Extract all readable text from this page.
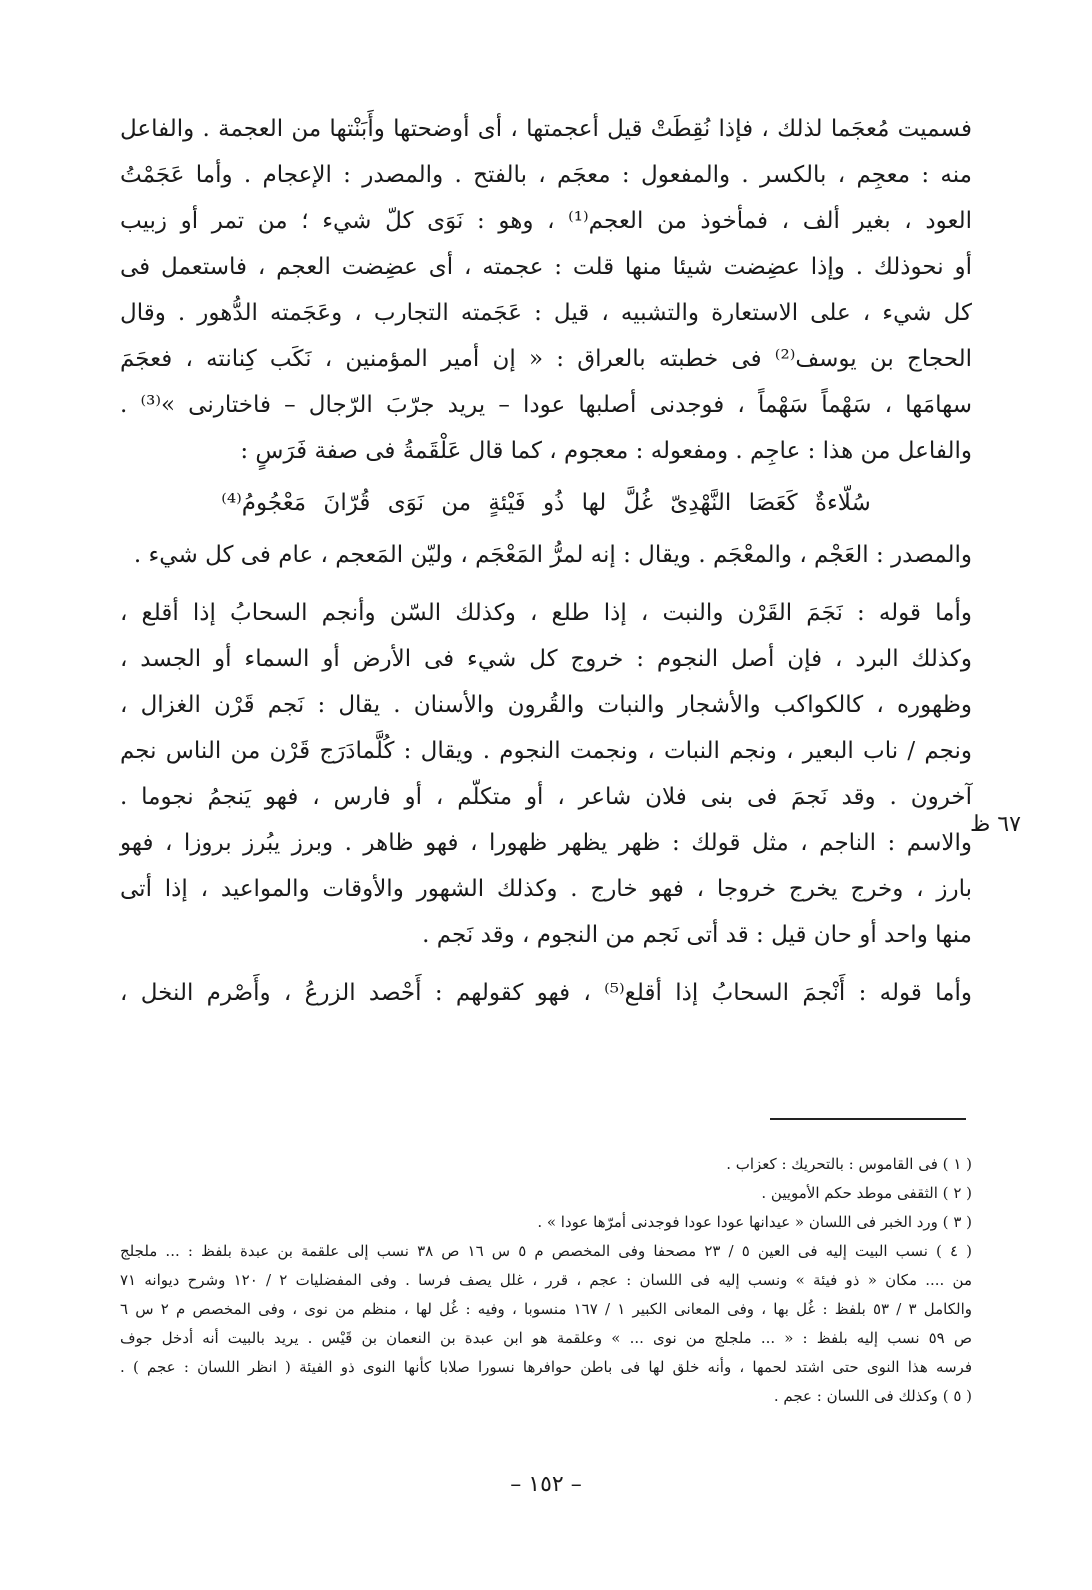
فسميت مُعجَما لذلك ، فإذا نُقِطَتْ قيل أعجمتها ، أى أوضحتها وأَبَنْتها من العجمة . والفاعل
منه : معجِم ، بالكسر . والمفعول : معجَم ، بالفتح . والمصدر : الإعجام . وأما عَجَمْتُ
العود ، بغير ألف ، فمأخوذ من العجم⁽¹⁾ ، وهو : نَوَى كلّ شيء ؛ من تمر أو زبيب
أو نحوذلك . وإذا عضِضت شيئا منها قلت : عجمته ، أى عضِضت العجم ، فاستعمل فى
كل شيء ، على الاستعارة والتشبيه ، قيل : عَجَمته التجارب ، وعَجَمته الدُّهور . وقال
الحجاج بن يوسف⁽²⁾ فى خطبته بالعراق : « إن أمير المؤمنين ، نَكَب كِنانته ، فعجَمَ
سهامَها ، سَهْماً سَهْماً ، فوجدنى أصلبها عودا – يريد جرّبَ الرّجال – فاختارنى »⁽³⁾ .
والفاعل من هذا : عاجِم . ومفعوله : معجوم ، كما قال عَلْقَمةُ فى صفة فَرَسٍ :
سُلّاءةٌ كَعَصَا النَّهْدِىّ غُلَّ لها ذُو فَيْئةٍ من نَوَى قُرّانَ مَعْجُومُ⁽⁴⁾
والمصدر : العَجْم ، والمعْجَم . ويقال : إنه لمرُّ المَعْجَم ، وليّن المَعجم ، عام فى كل شيء .
وأما قوله : نَجَمَ القَرْن والنبت ، إذا طلع ، وكذلك السّن وأنجم السحابُ إذا أقلع ،
وكذلك البرد ، فإن أصل النجوم : خروج كل شيء فى الأرض أو السماء أو الجسد ،
وظهوره ، كالكواكب والأشجار والنبات والقُرون والأسنان . يقال : نَجم قَرْن الغزال ،
ونجم / ناب البعير ، ونجم النبات ، ونجمت النجوم . ويقال : كُلَّمادَرَج قَرْن من الناس نجم
آخرون . وقد نَجمَ فى بنى فلان شاعر ، أو متكلّم ، أو فارس ، فهو يَنجمُ نجوما .
والاسم : الناجم ، مثل قولك : ظهر يظهر ظهورا ، فهو ظاهر . وبرز يبُرز بروزا ، فهو
بارز ، وخرج يخرج خروجا ، فهو خارج . وكذلك الشهور والأوقات والمواعيد ، إذا أتى
منها واحد أو حان قيل : قد أتى نَجم من النجوم ، وقد نَجم .
وأما قوله : أَنْجمَ السحابُ إذا أقلع⁽⁵⁾ ، فهو كقولهم : أَحْصد الزرعُ ، وأَصْرم النخل ،
٦٧ ظ
( ١ ) فى القاموس : بالتحريك : كعزاب .
( ٢ ) الثقفى موطد حكم الأمويين .
( ٣ ) ورد الخبر فى اللسان « عيدانها عودا عودا فوجدنى أمرّها عودا » .
( ٤ ) نسب البيت إليه فى العين ٥ / ٢٣ مصحفا وفى المخصص م ٥ س ١٦ ص ٣٨ نسب إلى علقمة بن عبدة بلفظ : ... ملجلج
من .... مكان « ذو فيئة » ونسب إليه فى اللسان : عجم ، قرر ، غلل يصف فرسا . وفى المفضليات ٢ / ١٢٠ وشرح ديوانه ٧١
والكامل ٣ / ٥٣ بلفظ : غُل بها ، وفى المعانى الكبير ١ / ١٦٧ منسوبا ، وفيه : غُل لها ، منظم من نوى ، وفى المخصص م ٢ س ٦
ص ٥٩ نسب إليه بلفظ : « ... ملجلج من نوى ... » وعلقمة هو ابن عبدة بن النعمان بن قَيْس . يريد بالبيت أنه أدخل جوف
فرسه هذا النوى حتى اشتد لحمها ، وأنه خلق لها فى باطن حوافرها نسورا صلابا كأنها النوى ذو الفيئة ( انظر اللسان : عجم ) .
( ٥ ) وكذلك فى اللسان : عجم .
– ١٥٢ –
